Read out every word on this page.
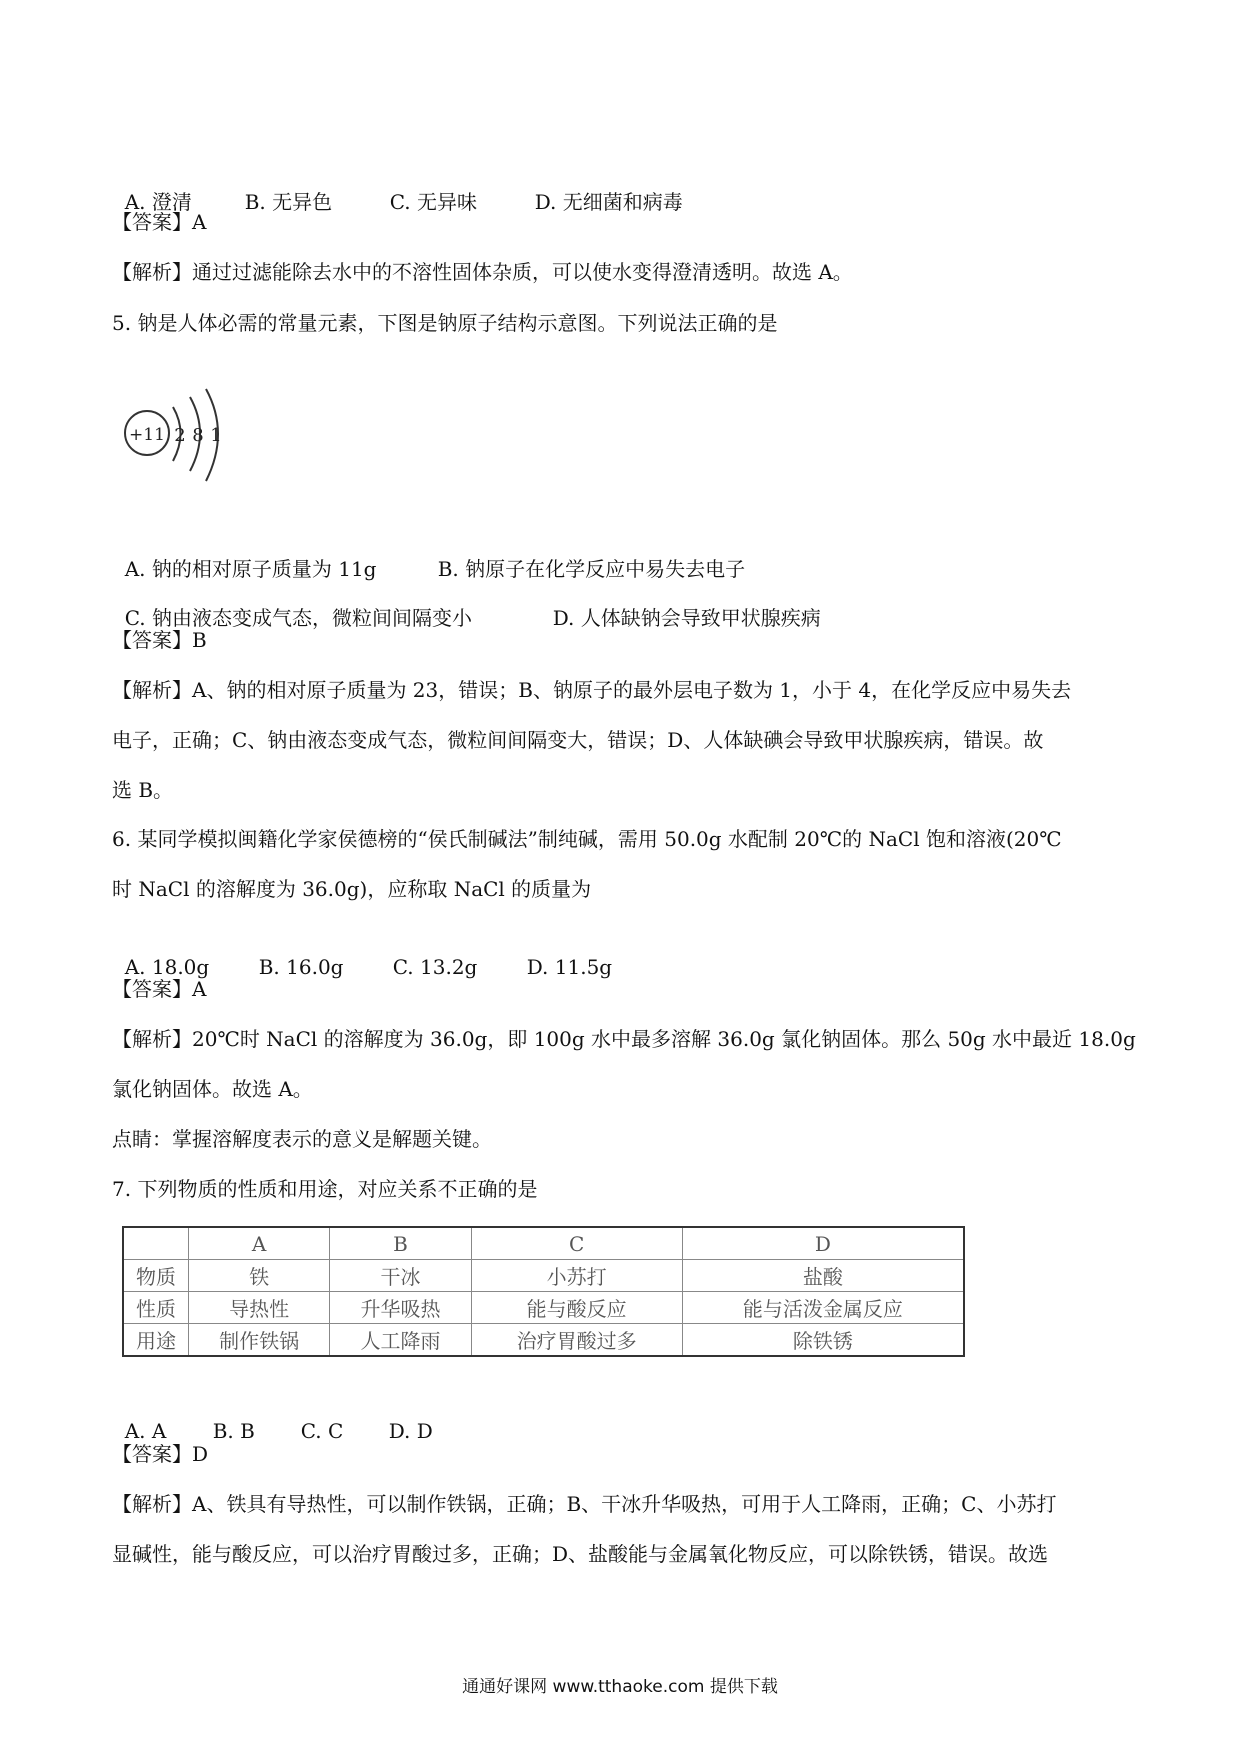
A. 澄清	B. 无异色	C. 无异味	D. 无细菌和病毒

【答案】A
【解析】通过过滤能除去水中的不溶性固体杂质，可以使水变得澄清透明。故选 A。
5. 钠是人体必需的常量元素，下图是钠原子结构示意图。下列说法正确的是
+11 2 8 1

A. 钠的相对原子质量为 11g	B. 钠原子在化学反应中易失去电子

C. 钠由液态变成气态，微粒间间隔变小	D. 人体缺钠会导致甲状腺疾病

【答案】B
【解析】A、钠的相对原子质量为 23，错误；B、钠原子的最外层电子数为 1，小于 4，在化学反应中易失去
电子，正确；C、钠由液态变成气态，微粒间间隔变大，错误；D、人体缺碘会导致甲状腺疾病，错误。故
选 B。
6. 某同学模拟闽籍化学家侯德榜的“侯氏制碱法”制纯碱，需用 50.0g 水配制 20℃的 NaCl 饱和溶液(20℃
时 NaCl 的溶解度为 36.0g)，应称取 NaCl 的质量为

A. 18.0g B. 16.0g C. 13.2g D. 11.5g

【答案】A
【解析】20℃时 NaCl 的溶解度为 36.0g，即 100g 水中最多溶解 36.0g 氯化钠固体。那么 50g 水中最近 18.0g
氯化钠固体。故选 A。
点睛：掌握溶解度表示的意义是解题关键。
7. 下列物质的性质和用途，对应关系不正确的是
	A	B	C	D
物质	铁	干冰	小苏打	盐酸
性质	导热性	升华吸热	能与酸反应	能与活泼金属反应
用途	制作铁锅	人工降雨	治疗胃酸过多	除铁锈

A. A B. B C. C D. D

【答案】D
【解析】A、铁具有导热性，可以制作铁锅，正确；B、干冰升华吸热，可用于人工降雨，正确；C、小苏打
显碱性，能与酸反应，可以治疗胃酸过多，正确；D、盐酸能与金属氧化物反应，可以除铁锈，错误。故选
通通好课网 www.tthaoke.com 提供下载
